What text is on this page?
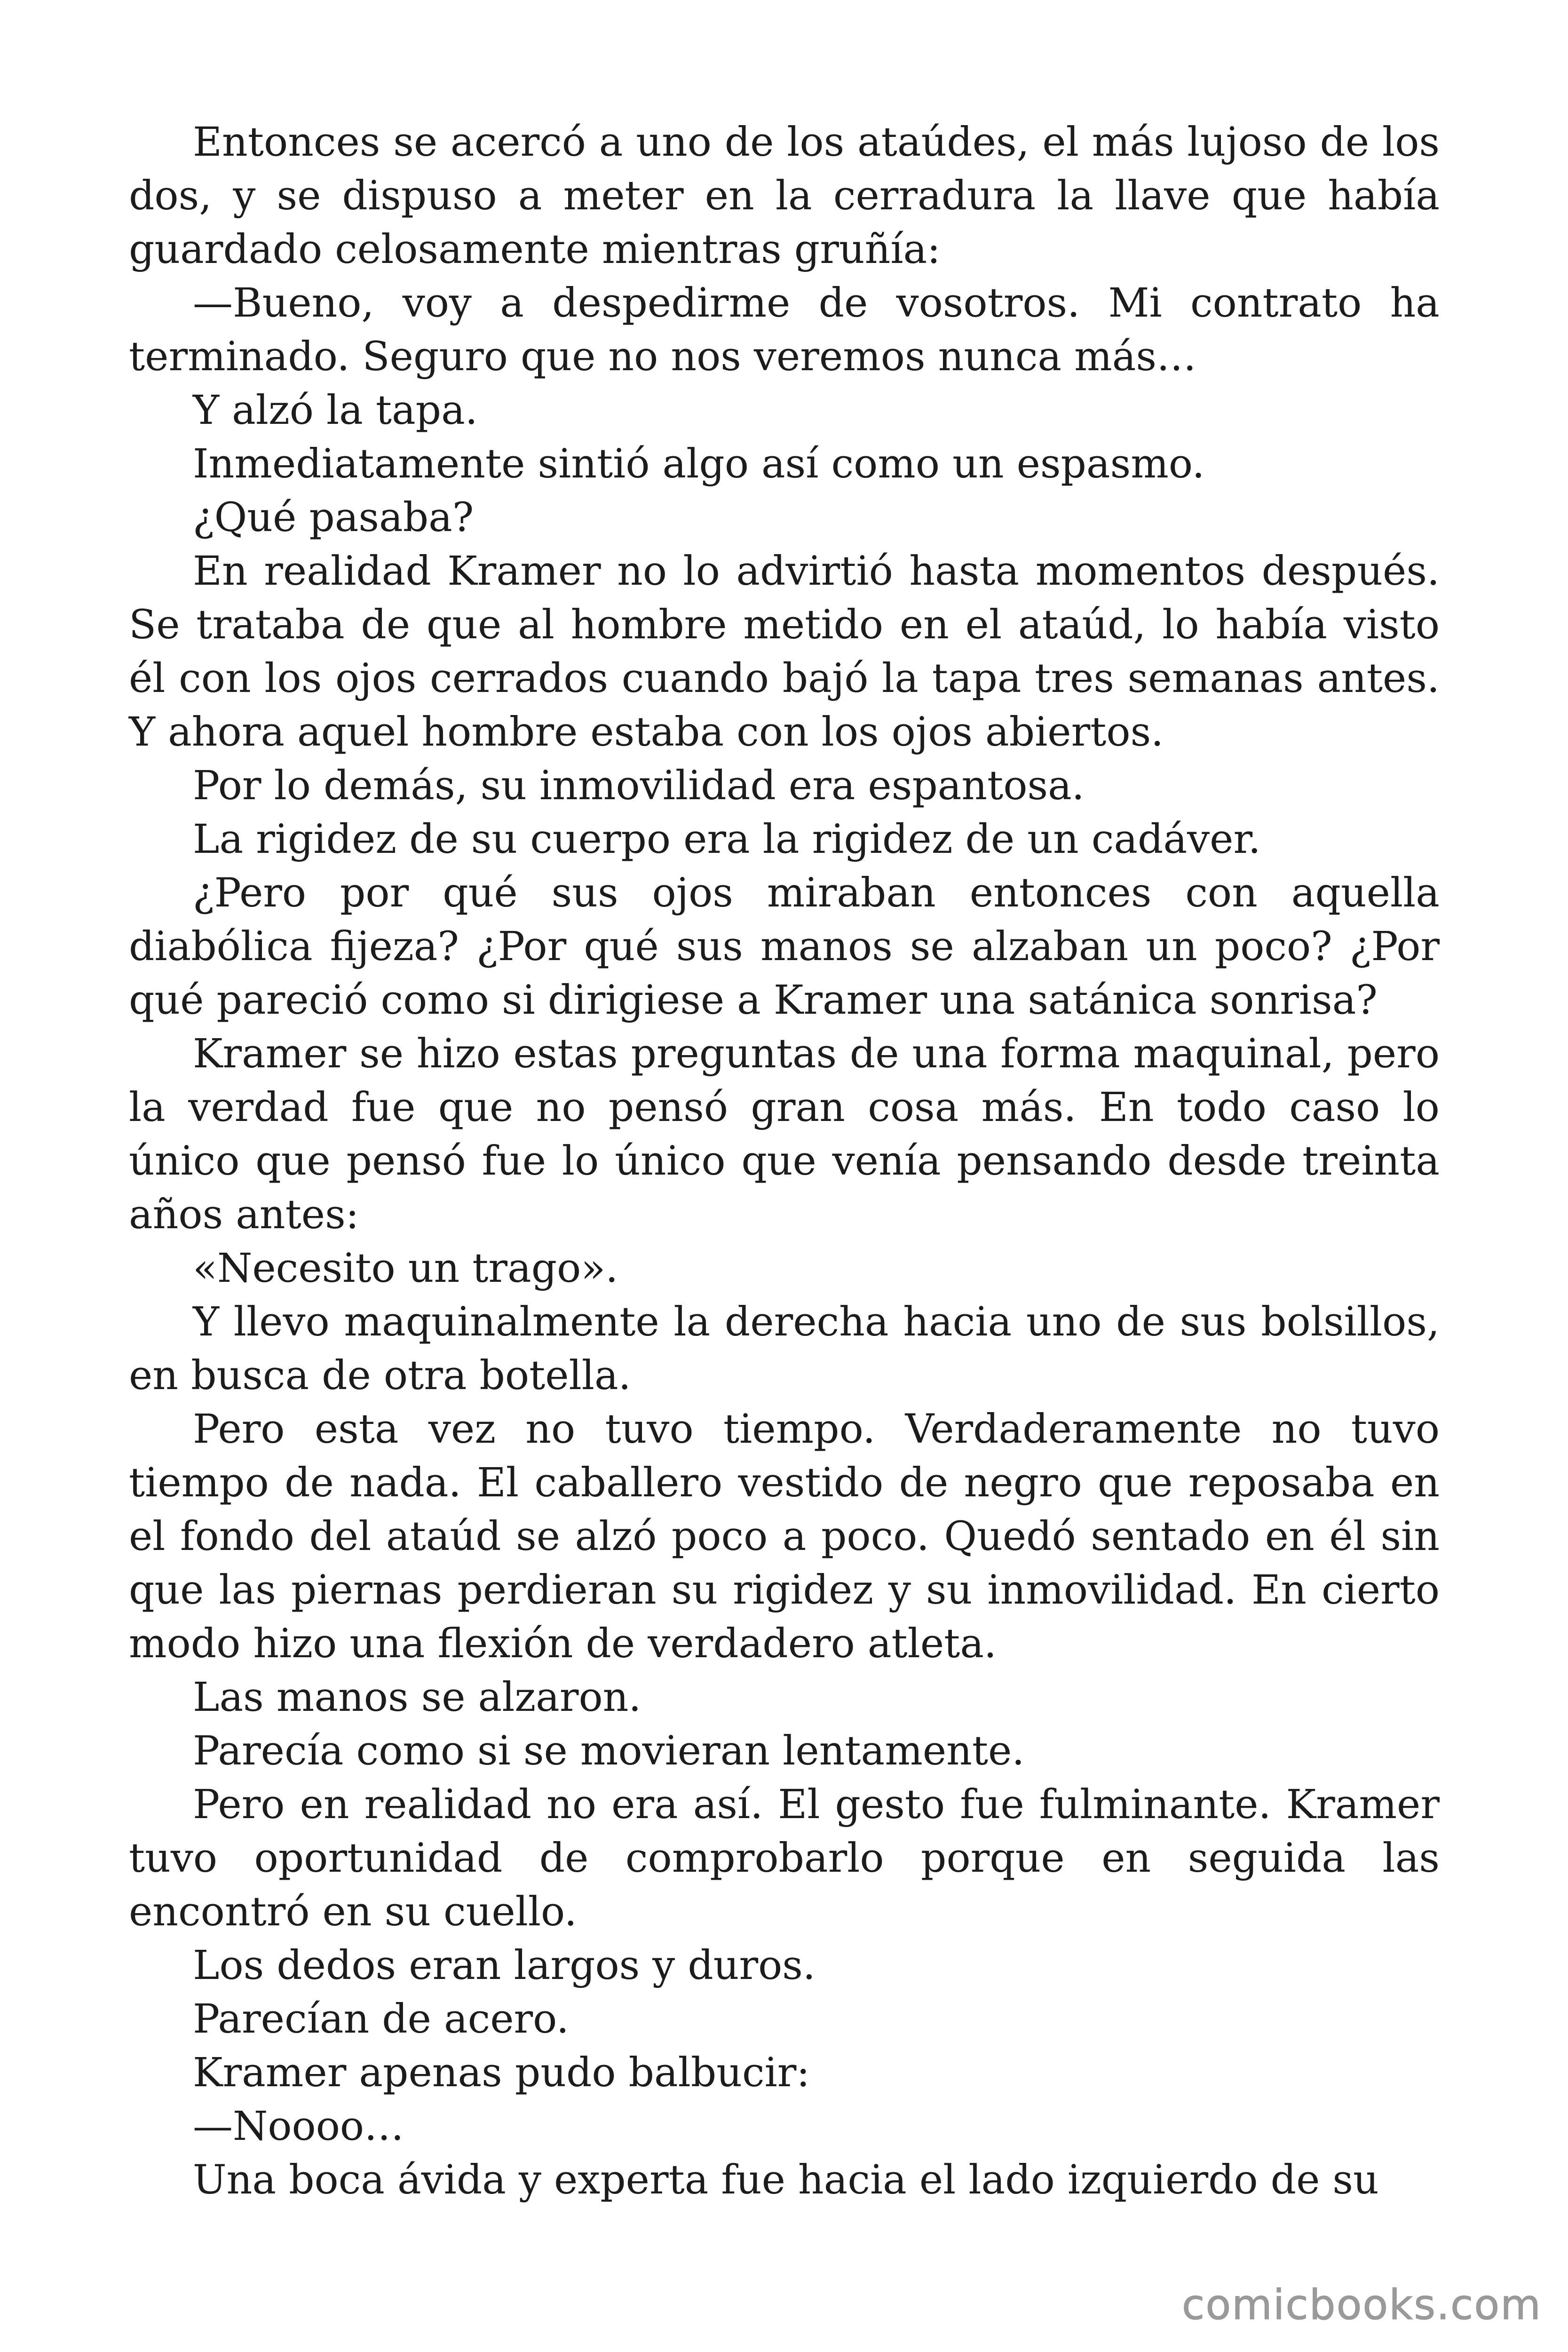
Entonces se acercó a uno de los ataúdes, el más lujoso de los dos, y se dispuso a meter en la cerradura la llave que había guardado celosamente mientras gruñía:

—Bueno, voy a despedirme de vosotros. Mi contrato ha terminado. Seguro que no nos veremos nunca más…

Y alzó la tapa.

Inmediatamente sintió algo así como un espasmo.

¿Qué pasaba?

En realidad Kramer no lo advirtió hasta momentos después. Se trataba de que al hombre metido en el ataúd, lo había visto él con los ojos cerrados cuando bajó la tapa tres semanas antes. Y ahora aquel hombre estaba con los ojos abiertos.

Por lo demás, su inmovilidad era espantosa.

La rigidez de su cuerpo era la rigidez de un cadáver.

¿Pero por qué sus ojos miraban entonces con aquella diabólica fijeza? ¿Por qué sus manos se alzaban un poco? ¿Por qué pareció como si dirigiese a Kramer una satánica sonrisa?

Kramer se hizo estas preguntas de una forma maquinal, pero la verdad fue que no pensó gran cosa más. En todo caso lo único que pensó fue lo único que venía pensando desde treinta años antes:

«Necesito un trago».

Y llevo maquinalmente la derecha hacia uno de sus bolsillos, en busca de otra botella.

Pero esta vez no tuvo tiempo. Verdaderamente no tuvo tiempo de nada. El caballero vestido de negro que reposaba en el fondo del ataúd se alzó poco a poco. Quedó sentado en él sin que las piernas perdieran su rigidez y su inmovilidad. En cierto modo hizo una flexión de verdadero atleta.

Las manos se alzaron.

Parecía como si se movieran lentamente.

Pero en realidad no era así. El gesto fue fulminante. Kramer tuvo oportunidad de comprobarlo porque en seguida las encontró en su cuello.

Los dedos eran largos y duros.

Parecían de acero.

Kramer apenas pudo balbucir:

—Noooo…

Una boca ávida y experta fue hacia el lado izquierdo de su

comicbooks.com
